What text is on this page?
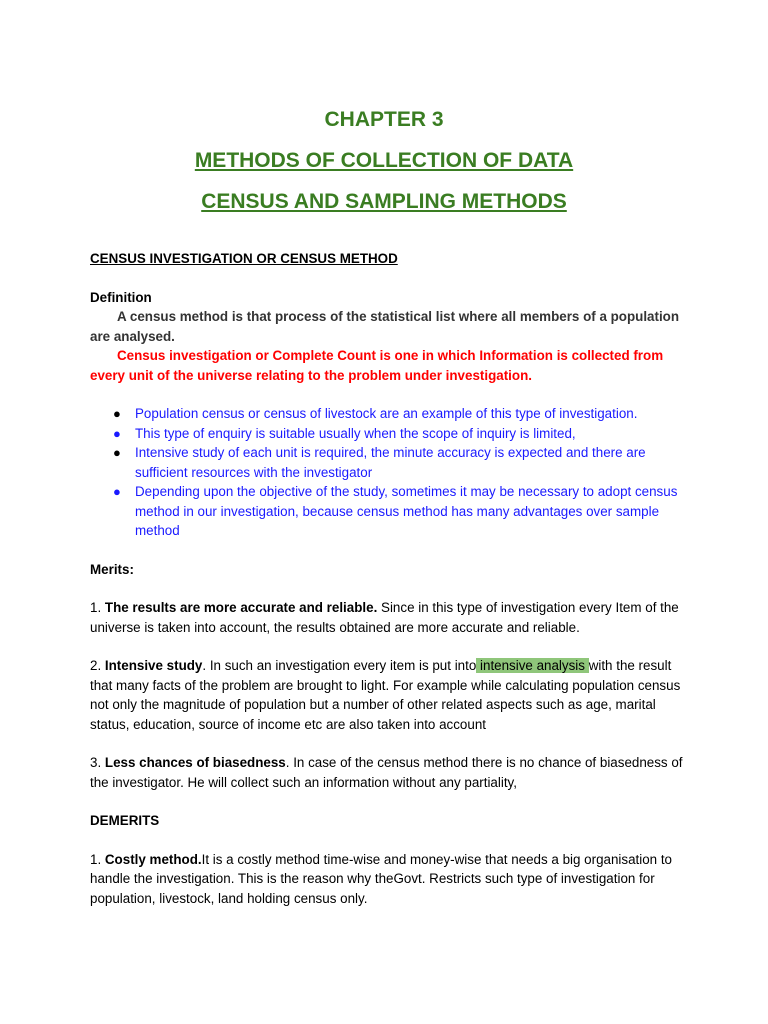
CHAPTER 3
METHODS OF COLLECTION OF DATA
CENSUS AND SAMPLING METHODS

CENSUS INVESTIGATION OR CENSUS METHOD

Definition

A census method is that process of the statistical list where all members of a population are analysed.

Census investigation or Complete Count is one in which Information is collected from every unit of the universe relating to the problem under investigation.

● Population census or census of livestock are an example of this type of investigation.
● This type of enquiry is suitable usually when the scope of inquiry is limited,
● Intensive study of each unit is required, the minute accuracy is expected and there are sufficient resources with the investigator
● Depending upon the objective of the study, sometimes it may be necessary to adopt census method in our investigation, because census method has many advantages over sample method

Merits:

1. The results are more accurate and reliable. Since in this type of investigation every Item of the universe is taken into account, the results obtained are more accurate and reliable.

2. Intensive study. In such an investigation every item is put into intensive analysis with the result that many facts of the problem are brought to light. For example while calculating population census not only the magnitude of population but a number of other related aspects such as age, marital status, education, source of income etc are also taken into account

3. Less chances of biasedness. In case of the census method there is no chance of biasedness of the investigator. He will collect such an information without any partiality,

DEMERITS

1. Costly method.It is a costly method time-wise and money-wise that needs a big organisation to handle the investigation. This is the reason why theGovt. Restricts such type of investigation for population, livestock, land holding census only.
